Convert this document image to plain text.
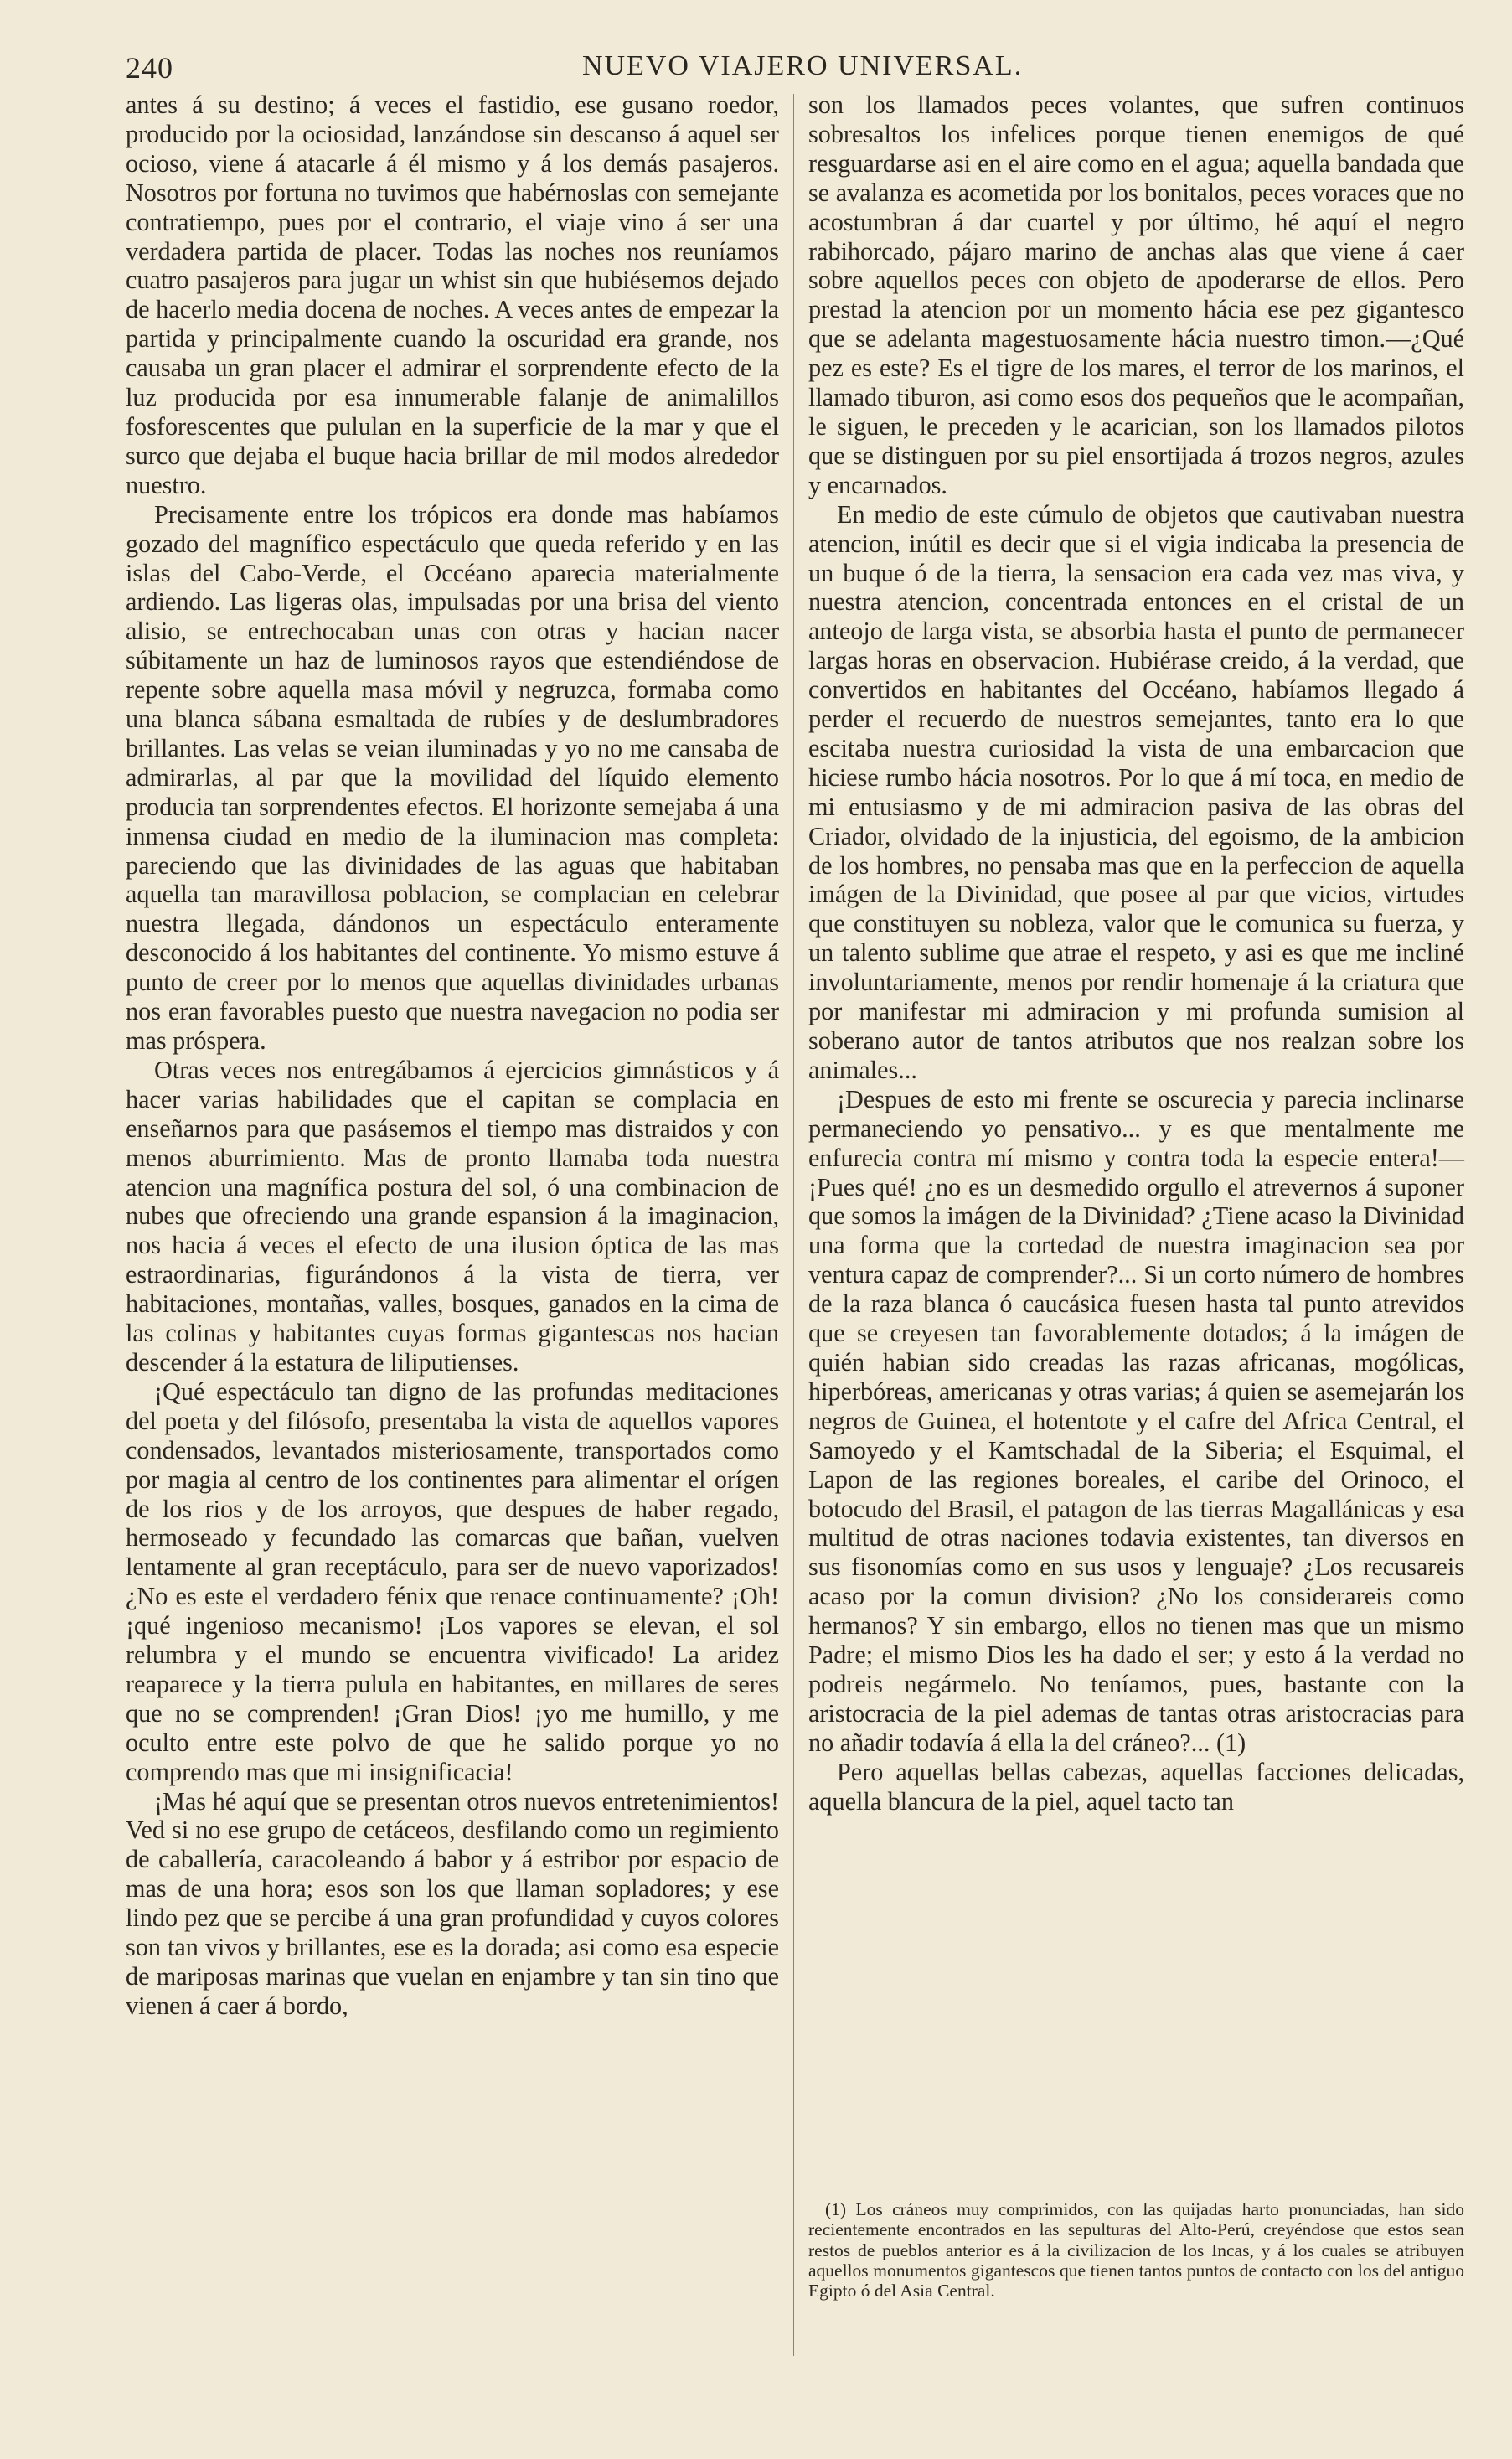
240	NUEVO VIAJERO UNIVERSAL.

antes á su destino; á veces el fastidio, ese gusano roedor, producido por la ociosidad, lanzándose sin descanso á aquel ser ocioso, viene á atacarle á él mismo y á los demás pasajeros. Nosotros por fortuna no tuvimos que habérnoslas con semejante contratiempo, pues por el contrario, el viaje vino á ser una verdadera partida de placer. Todas las noches nos reuníamos cuatro pasajeros para jugar un whist sin que hubiésemos dejado de hacerlo media docena de noches. A veces antes de empezar la partida y principalmente cuando la oscuridad era grande, nos causaba un gran placer el admirar el sorprendente efecto de la luz producida por esa innumerable falanje de animalillos fosforescentes que pululan en la superficie de la mar y que el surco que dejaba el buque hacia brillar de mil modos alrededor nuestro.

Precisamente entre los trópicos era donde mas habíamos gozado del magnífico espectáculo que queda referido y en las islas del Cabo-Verde, el Occéano aparecia materialmente ardiendo. Las ligeras olas, impulsadas por una brisa del viento alisio, se entrechocaban unas con otras y hacian nacer súbitamente un haz de luminosos rayos que estendiéndose de repente sobre aquella masa móvil y negruzca, formaba como una blanca sábana esmaltada de rubíes y de deslumbradores brillantes. Las velas se veian iluminadas y yo no me cansaba de admirarlas, al par que la movilidad del líquido elemento producia tan sorprendentes efectos. El horizonte semejaba á una inmensa ciudad en medio de la iluminacion mas completa: pareciendo que las divinidades de las aguas que habitaban aquella tan maravillosa poblacion, se complacian en celebrar nuestra llegada, dándonos un espectáculo enteramente desconocido á los habitantes del continente. Yo mismo estuve á punto de creer por lo menos que aquellas divinidades urbanas nos eran favorables puesto que nuestra navegacion no podia ser mas próspera.

Otras veces nos entregábamos á ejercicios gimnásticos y á hacer varias habilidades que el capitan se complacia en enseñarnos para que pasásemos el tiempo mas distraidos y con menos aburrimiento. Mas de pronto llamaba toda nuestra atencion una magnífica postura del sol, ó una combinacion de nubes que ofreciendo una grande espansion á la imaginacion, nos hacia á veces el efecto de una ilusion óptica de las mas estraordinarias, figurándonos á la vista de tierra, ver habitaciones, montañas, valles, bosques, ganados en la cima de las colinas y habitantes cuyas formas gigantescas nos hacian descender á la estatura de liliputienses.

¡Qué espectáculo tan digno de las profundas meditaciones del poeta y del filósofo, presentaba la vista de aquellos vapores condensados, levantados misteriosamente, transportados como por magia al centro de los continentes para alimentar el orígen de los rios y de los arroyos, que despues de haber regado, hermoseado y fecundado las comarcas que bañan, vuelven lentamente al gran receptáculo, para ser de nuevo vaporizados! ¿No es este el verdadero fénix que renace continuamente? ¡Oh! ¡qué ingenioso mecanismo! ¡Los vapores se elevan, el sol relumbra y el mundo se encuentra vivificado! La aridez reaparece y la tierra pulula en habitantes, en millares de seres que no se comprenden! ¡Gran Dios! ¡yo me humillo, y me oculto entre este polvo de que he salido porque yo no comprendo mas que mi insignificacia!

¡Mas hé aquí que se presentan otros nuevos entretenimientos! Ved si no ese grupo de cetáceos, desfilando como un regimiento de caballería, caracoleando á babor y á estribor por espacio de mas de una hora; esos son los que llaman sopladores; y ese lindo pez que se percibe á una gran profundidad y cuyos colores son tan vivos y brillantes, ese es la dorada; asi como esa especie de mariposas marinas que vuelan en enjambre y tan sin tino que vienen á caer á bordo,

son los llamados peces volantes, que sufren continuos sobresaltos los infelices porque tienen enemigos de qué resguardarse asi en el aire como en el agua; aquella bandada que se avalanza es acometida por los bonitalos, peces voraces que no acostumbran á dar cuartel y por último, hé aquí el negro rabihorcado, pájaro marino de anchas alas que viene á caer sobre aquellos peces con objeto de apoderarse de ellos. Pero prestad la atencion por un momento hácia ese pez gigantesco que se adelanta magestuosamente hácia nuestro timon.—¿Qué pez es este? Es el tigre de los mares, el terror de los marinos, el llamado tiburon, asi como esos dos pequeños que le acompañan, le siguen, le preceden y le acarician, son los llamados pilotos que se distinguen por su piel ensortijada á trozos negros, azules y encarnados.

En medio de este cúmulo de objetos que cautivaban nuestra atencion, inútil es decir que si el vigia indicaba la presencia de un buque ó de la tierra, la sensacion era cada vez mas viva, y nuestra atencion, concentrada entonces en el cristal de un anteojo de larga vista, se absorbia hasta el punto de permanecer largas horas en observacion. Hubiérase creido, á la verdad, que convertidos en habitantes del Occéano, habíamos llegado á perder el recuerdo de nuestros semejantes, tanto era lo que escitaba nuestra curiosidad la vista de una embarcacion que hiciese rumbo hácia nosotros. Por lo que á mí toca, en medio de mi entusiasmo y de mi admiracion pasiva de las obras del Criador, olvidado de la injusticia, del egoismo, de la ambicion de los hombres, no pensaba mas que en la perfeccion de aquella imágen de la Divinidad, que posee al par que vicios, virtudes que constituyen su nobleza, valor que le comunica su fuerza, y un talento sublime que atrae el respeto, y asi es que me incliné involuntariamente, menos por rendir homenaje á la criatura que por manifestar mi admiracion y mi profunda sumision al soberano autor de tantos atributos que nos realzan sobre los animales...

¡Despues de esto mi frente se oscurecia y parecia inclinarse permaneciendo yo pensativo... y es que mentalmente me enfurecia contra mí mismo y contra toda la especie entera!—¡Pues qué! ¿no es un desmedido orgullo el atrevernos á suponer que somos la imágen de la Divinidad? ¿Tiene acaso la Divinidad una forma que la cortedad de nuestra imaginacion sea por ventura capaz de comprender?... Si un corto número de hombres de la raza blanca ó caucásica fuesen hasta tal punto atrevidos que se creyesen tan favorablemente dotados; á la imágen de quién habian sido creadas las razas africanas, mogólicas, hiperbóreas, americanas y otras varias; á quien se asemejarán los negros de Guinea, el hotentote y el cafre del Africa Central, el Samoyedo y el Kamtschadal de la Siberia; el Esquimal, el Lapon de las regiones boreales, el caribe del Orinoco, el botocudo del Brasil, el patagon de las tierras Magallánicas y esa multitud de otras naciones todavia existentes, tan diversos en sus fisonomías como en sus usos y lenguaje? ¿Los recusareis acaso por la comun division? ¿No los considerareis como hermanos? Y sin embargo, ellos no tienen mas que un mismo Padre; el mismo Dios les ha dado el ser; y esto á la verdad no podreis negármelo. No teníamos, pues, bastante con la aristocracia de la piel ademas de tantas otras aristocracias para no añadir todavía á ella la del cráneo?... (1)

Pero aquellas bellas cabezas, aquellas facciones delicadas, aquella blancura de la piel, aquel tacto tan

(1) Los cráneos muy comprimidos, con las quijadas harto pronunciadas, han sido recientemente encontrados en las sepulturas del Alto-Perú, creyéndose que estos sean restos de pueblos anterior es á la civilizacion de los Incas, y á los cuales se atribuyen aquellos monumentos gigantescos que tienen tantos puntos de contacto con los del antiguo Egipto ó del Asia Central.
